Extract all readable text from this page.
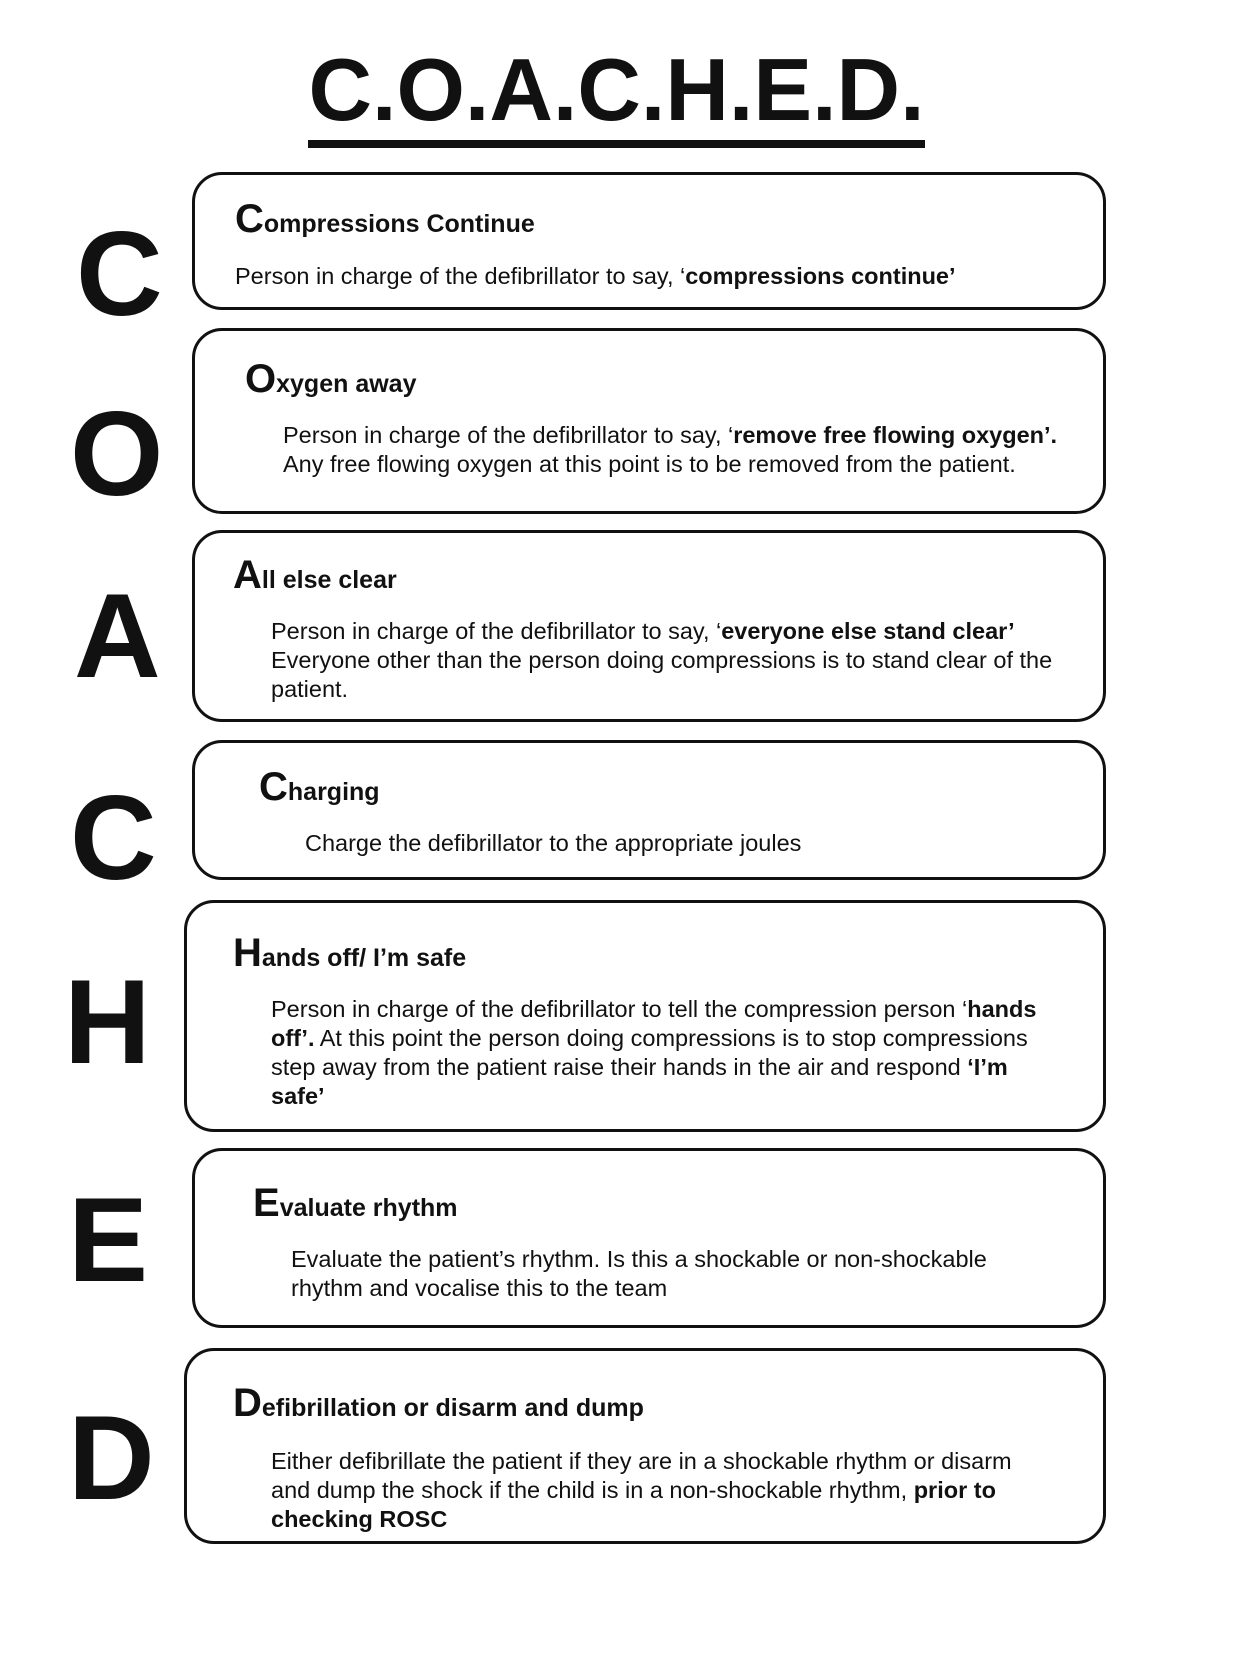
C.O.A.C.H.E.D.
C Compressions Continue
Person in charge of the defibrillator to say, ‘compressions continue’
O
Oxygen away
Person in charge of the defibrillator to say, ‘remove free flowing oxygen’. Any free flowing oxygen at this point is to be removed from the patient.
A All else clear
Person in charge of the defibrillator to say, ‘everyone else stand clear’ Everyone other than the person doing compressions is to stand clear of the patient.
C	Charging
Charge the defibrillator to the appropriate joules
H
Hands off/ I’m safe
Person in charge of the defibrillator to tell the compression person ‘hands off’. At this point the person doing compressions is to stop compressions step away from the patient raise their hands in the air and respond ‘I’m safe’
E	Evaluate rhythm
Evaluate the patient’s rhythm. Is this a shockable or non-shockable rhythm and vocalise this to the team
D Defibrillation or disarm and dump
Either defibrillate the patient if they are in a shockable rhythm or disarm and dump the shock if the child is in a non-shockable rhythm, prior to checking ROSC
